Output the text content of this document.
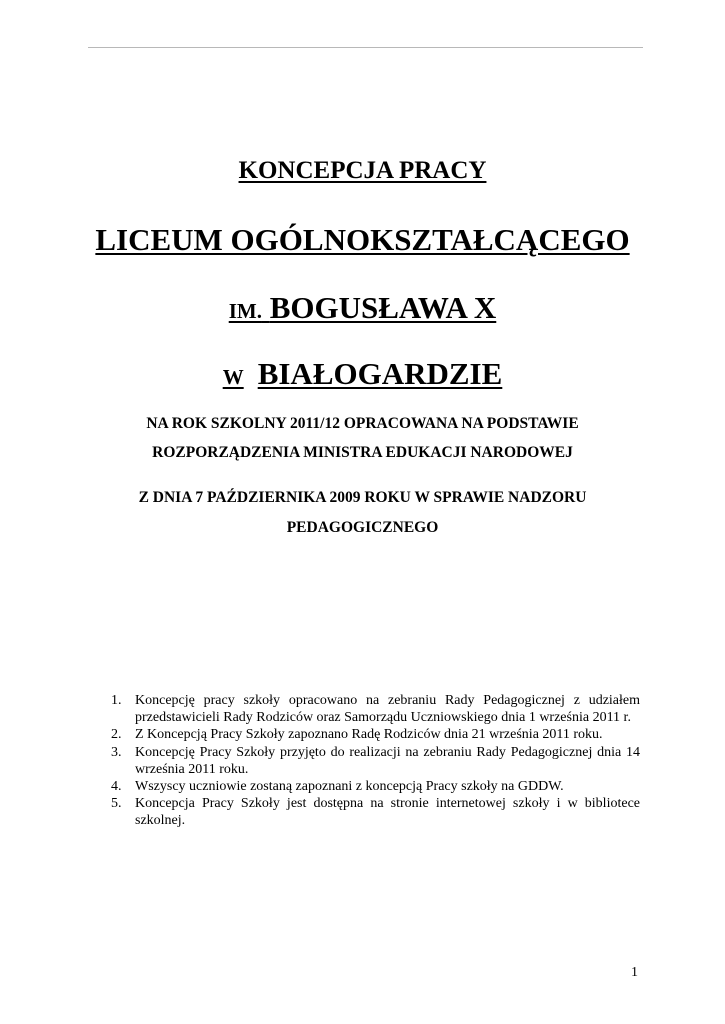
KONCEPCJA PRACY
LICEUM OGÓLNOKSZTAŁCĄCEGO
IM. BOGUSŁAWA X
W BIAŁOGARDZIE
NA ROK SZKOLNY 2011/12 OPRACOWANA NA PODSTAWIE
ROZPORZĄDZENIA MINISTRA EDUKACJI NARODOWEJ
Z DNIA 7 PAŹDZIERNIKA 2009 ROKU W SPRAWIE NADZORU
PEDAGOGICZNEGO
1. Koncepcję pracy szkoły opracowano na zebraniu Rady Pedagogicznej z udziałem przedstawicieli Rady Rodziców oraz Samorządu Uczniowskiego dnia 1 września 2011 r.
2. Z Koncepcją Pracy Szkoły zapoznano Radę Rodziców dnia 21 września 2011 roku.
3. Koncepcję Pracy Szkoły przyjęto do realizacji na zebraniu Rady Pedagogicznej dnia 14 września 2011 roku.
4. Wszyscy uczniowie zostaną zapoznani z koncepcją Pracy szkoły na GDDW.
5. Koncepcja Pracy Szkoły jest dostępna na stronie internetowej szkoły i w bibliotece szkolnej.
1
